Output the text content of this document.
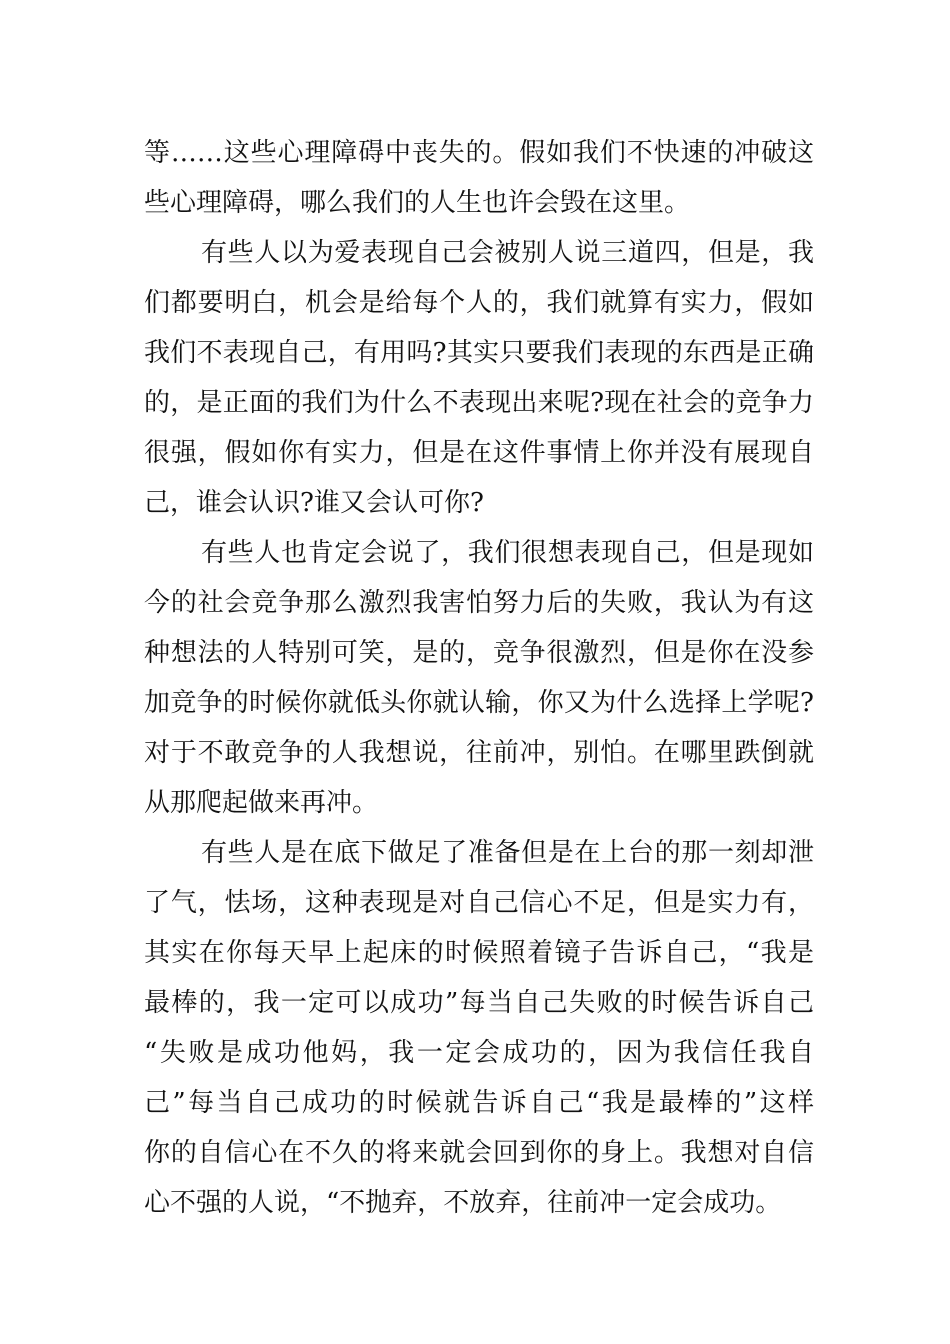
等……这些心理障碍中丧失的。假如我们不快速的冲破这
些心理障碍，哪么我们的人生也许会毁在这里。
有些人以为爱表现自己会被别人说三道四，但是，我
们都要明白，机会是给每个人的，我们就算有实力，假如
我们不表现自己，有用吗?其实只要我们表现的东西是正确
的，是正面的我们为什么不表现出来呢?现在社会的竞争力
很强，假如你有实力，但是在这件事情上你并没有展现自
己，谁会认识?谁又会认可你?
有些人也肯定会说了，我们很想表现自己，但是现如
今的社会竞争那么激烈我害怕努力后的失败，我认为有这
种想法的人特别可笑，是的，竞争很激烈，但是你在没参
加竞争的时候你就低头你就认输，你又为什么选择上学呢?
对于不敢竞争的人我想说，往前冲，别怕。在哪里跌倒就
从那爬起做来再冲。
有些人是在底下做足了准备但是在上台的那一刻却泄
了气，怯场，这种表现是对自己信心不足，但是实力有，
其实在你每天早上起床的时候照着镜子告诉自己，“我是
最棒的，我一定可以成功”每当自己失败的时候告诉自己
“失败是成功他妈，我一定会成功的，因为我信任我自
己”每当自己成功的时候就告诉自己“我是最棒的”这样
你的自信心在不久的将来就会回到你的身上。我想对自信
心不强的人说，“不抛弃，不放弃，往前冲一定会成功。
